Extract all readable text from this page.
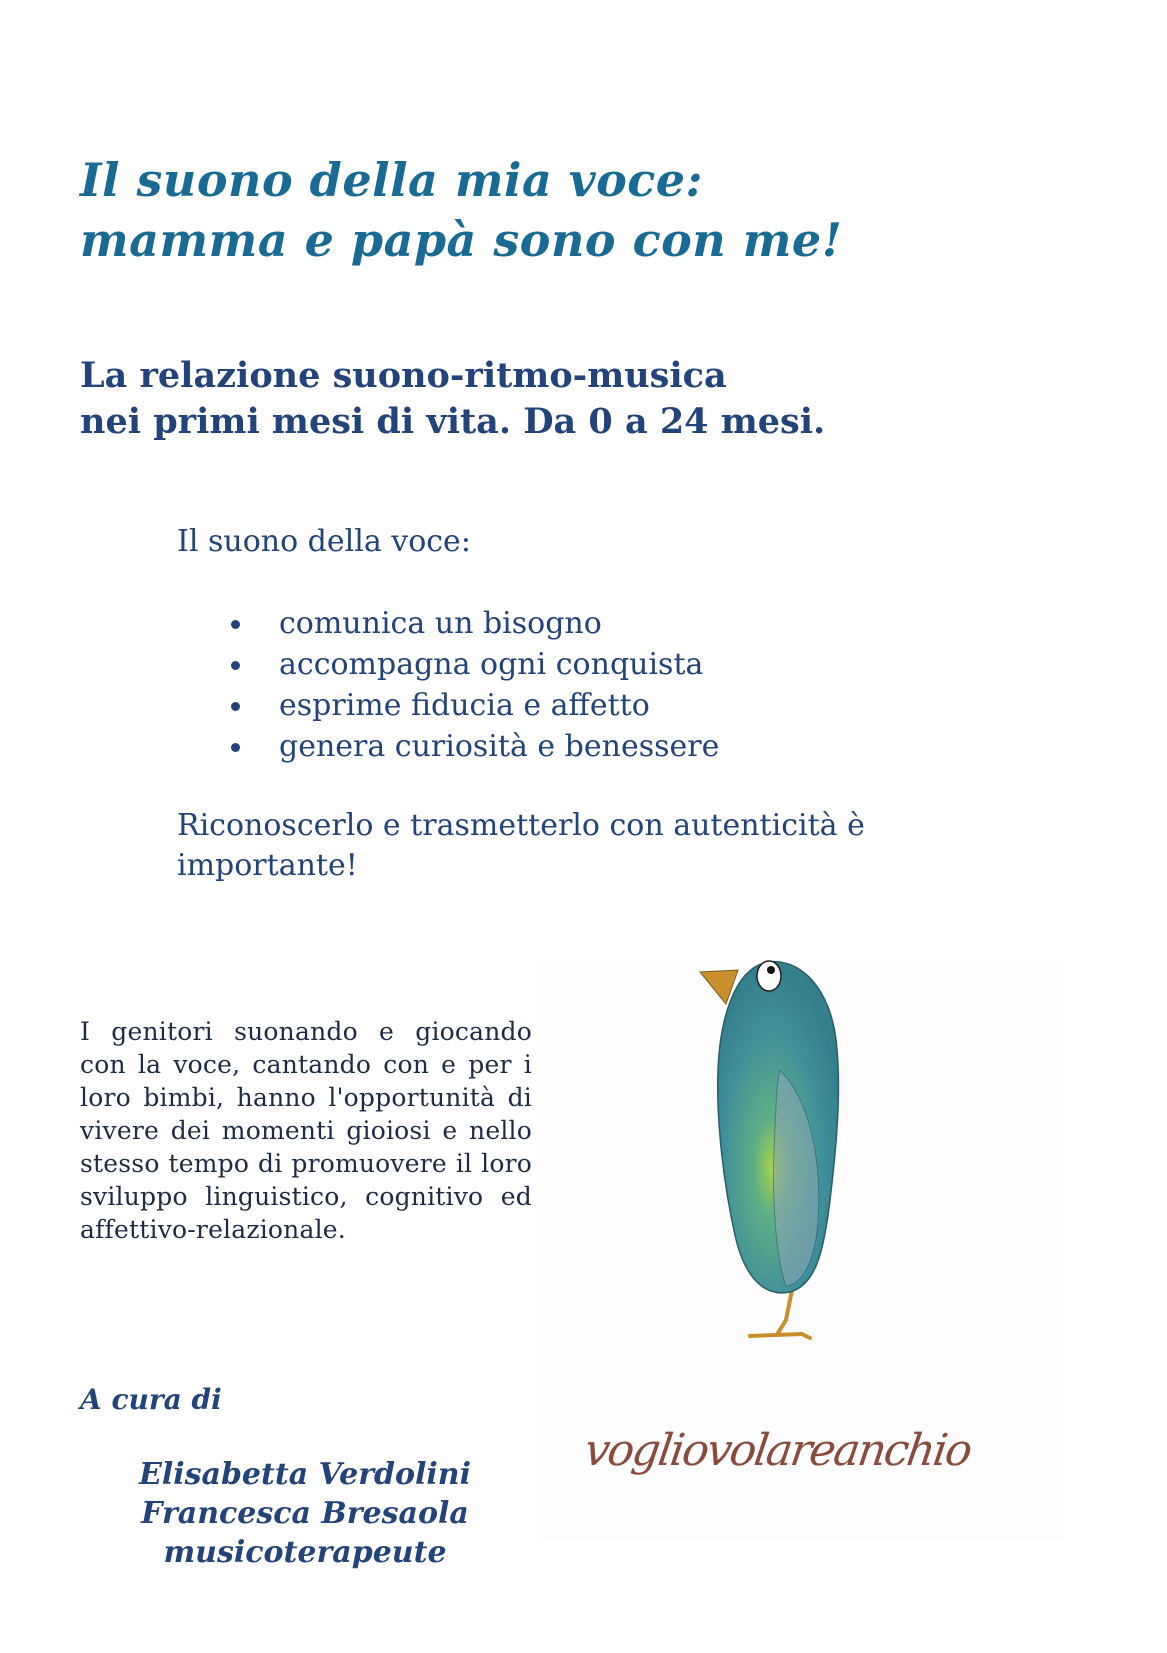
Il suono della mia voce:
mamma e papà sono con me!
La relazione suono-ritmo-musica
nei primi mesi di vita. Da 0 a 24 mesi.

Il suono della voce:

comunica un bisogno
accompagna ogni conquista
esprime fiducia e affetto
genera curiosità e benessere

Riconoscerlo e trasmetterlo con autenticità è importante!

I genitori suonando e giocando con la voce, cantando con e per i loro bimbi, hanno l'opportunità di vivere dei momenti gioiosi e nello stesso tempo di promuovere il loro sviluppo linguistico, cognitivo ed affettivo-relazionale.

A cura di

Elisabetta Verdolini
Francesca Bresaola
musicoterapeute

vogliovolareanchio
